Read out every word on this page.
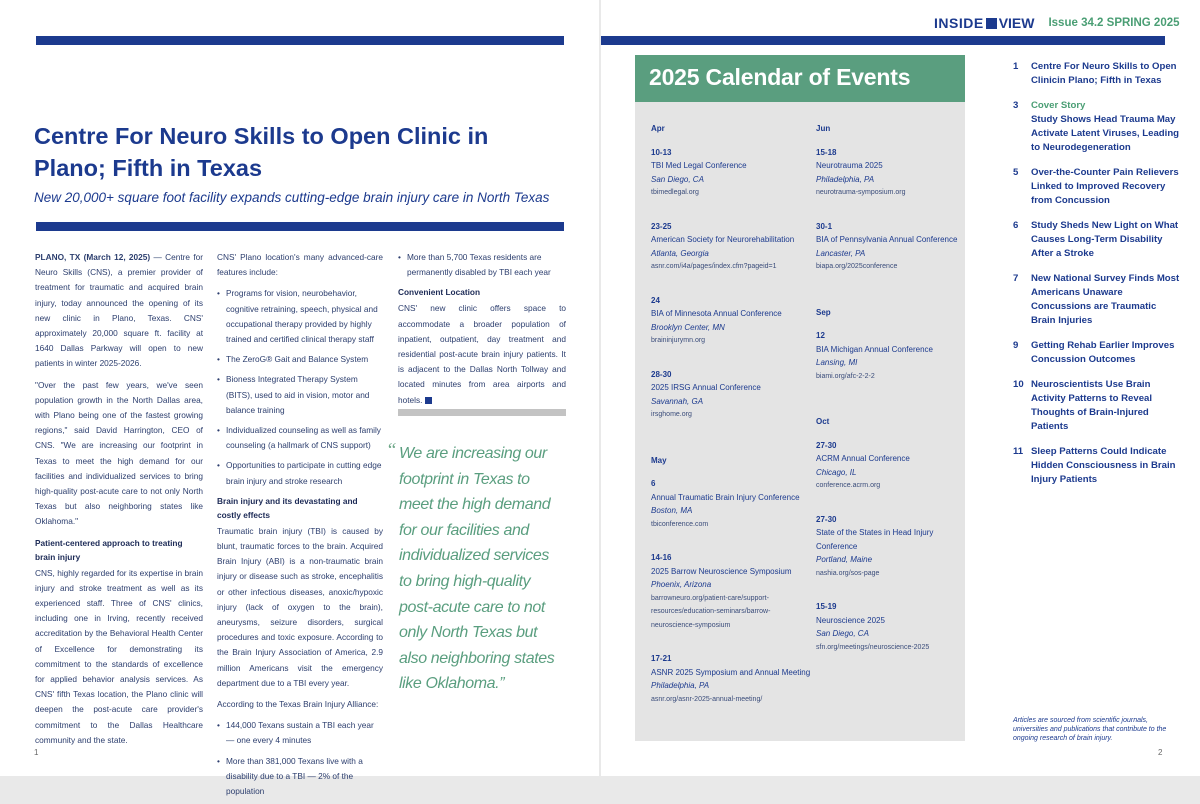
Centre For Neuro Skills to Open Clinic in Plano; Fifth in Texas
New 20,000+ square foot facility expands cutting-edge brain injury care in North Texas

PLANO, TX (March 12, 2025) — Centre for Neuro Skills (CNS), a premier provider of treatment for traumatic and acquired brain injury, today announced the opening of its new clinic in Plano, Texas. CNS' approximately 20,000 square ft. facility at 1640 Dallas Parkway will open to new patients in winter 2025-2026.

"Over the past few years, we've seen population growth in the North Dallas area, with Plano being one of the fastest growing regions," said David Harrington, CEO of CNS. "We are increasing our footprint in Texas to meet the high demand for our facilities and individualized services to bring high-quality post-acute care to not only North Texas but also neighboring states like Oklahoma."

Patient-centered approach to treating brain injury

CNS, highly regarded for its expertise in brain injury and stroke treatment as well as its experienced staff. Three of CNS' clinics, including one in Irving, recently received accreditation by the Behavioral Health Center of Excellence for demonstrating its commitment to the standards of excellence for applied behavior analysis services. As CNS' fifth Texas location, the Plano clinic will deepen the post-acute care provider's commitment to the Dallas Healthcare community and the state.

CNS' Plano location's many advanced-care features include:

• Programs for vision, neurobehavior, cognitive retraining, speech, physical and occupational therapy provided by highly trained and certified clinical therapy staff
• The ZeroG® Gait and Balance System
• Bioness Integrated Therapy System (BITS), used to aid in vision, motor and balance training
• Individualized counseling as well as family counseling (a hallmark of CNS support)
• Opportunities to participate in cutting edge brain injury and stroke research
Brain injury and its devastating and costly effects

Traumatic brain injury (TBI) is caused by blunt, traumatic forces to the brain. Acquired Brain Injury (ABI) is a non-traumatic brain injury or disease such as stroke, encephalitis or other infectious diseases, anoxic/hypoxic injury (lack of oxygen to the brain), aneurysms, seizure disorders, surgical procedures and toxic exposure. According to the Brain Injury Association of America, 2.9 million Americans visit the emergency department due to a TBI every year.

According to the Texas Brain Injury Alliance:

• 144,000 Texans sustain a TBI each year — one every 4 minutes
• More than 381,000 Texans live with a disability due to a TBI — 2% of the population
• More than 5,700 Texas residents are permanently disabled by TBI each year
Convenient Location

CNS' new clinic offers space to accommodate a broader population of inpatient, outpatient, day treatment and residential post-acute brain injury patients. It is adjacent to the Dallas North Tollway and located minutes from area airports and hotels.

“ We are increasing our footprint in Texas to meet the high demand for our facilities and individualized services to bring high-quality post-acute care to not only North Texas but also neighboring states like Oklahoma.”
1
INSIDE VIEW Issue 34.2 SPRING 2025
2025 Calendar of Events
Apr
10-13
TBI Med Legal Conference
San Diego, CA
tbimedlegal.org
23-25
American Society for Neurorehabilitation
Atlanta, Georgia
asnr.com/i4a/pages/index.cfm?pageid=1
24
BIA of Minnesota Annual Conference
Brooklyn Center, MN
braininjurymn.org
28-30
2025 IRSG Annual Conference
Savannah, GA
irsghome.org
May
6
Annual Traumatic Brain Injury Conference
Boston, MA
tbiconference.com
14-16
2025 Barrow Neuroscience Symposium
Phoenix, Arizona
barrowneuro.org/patient-care/support-resources/education-seminars/barrow-neuroscience-symposium
17-21
ASNR 2025 Symposium and Annual Meeting
Philadelphia, PA
asnr.org/asnr-2025-annual-meeting/
Jun
15-18
Neurotrauma 2025
Philadelphia, PA
neurotrauma-symposium.org
30-1
BIA of Pennsylvania Annual Conference
Lancaster, PA
biapa.org/2025conference
Sep
12
BIA Michigan Annual Conference
Lansing, MI
biami.org/afc-2-2-2
Oct
27-30
ACRM Annual Conference
Chicago, IL
conference.acrm.org
27-30
State of the States in Head Injury Conference
Portland, Maine
nashia.org/sos-page
15-19
Neuroscience 2025
San Diego, CA
sfn.org/meetings/neuroscience-2025
1	Centre For Neuro Skills to Open Clinicin Plano; Fifth in Texas
3	Cover Story
Study Shows Head Trauma May Activate Latent Viruses, Leading to Neurodegeneration
5	Over-the-Counter Pain Relievers Linked to Improved Recovery from Concussion
6	Study Sheds New Light on What Causes Long-Term Disability After a Stroke
7	New National Survey Finds Most Americans Unaware Concussions are Traumatic Brain Injuries
9	Getting Rehab Earlier Improves Concussion Outcomes
10 Neuroscientists Use Brain Activity Patterns to Reveal Thoughts of Brain-Injured Patients
11 Sleep Patterns Could Indicate Hidden Consciousness in Brain Injury Patients
Articles are sourced from scientific journals, universities and publications that contribute to the ongoing research of brain injury.
2
